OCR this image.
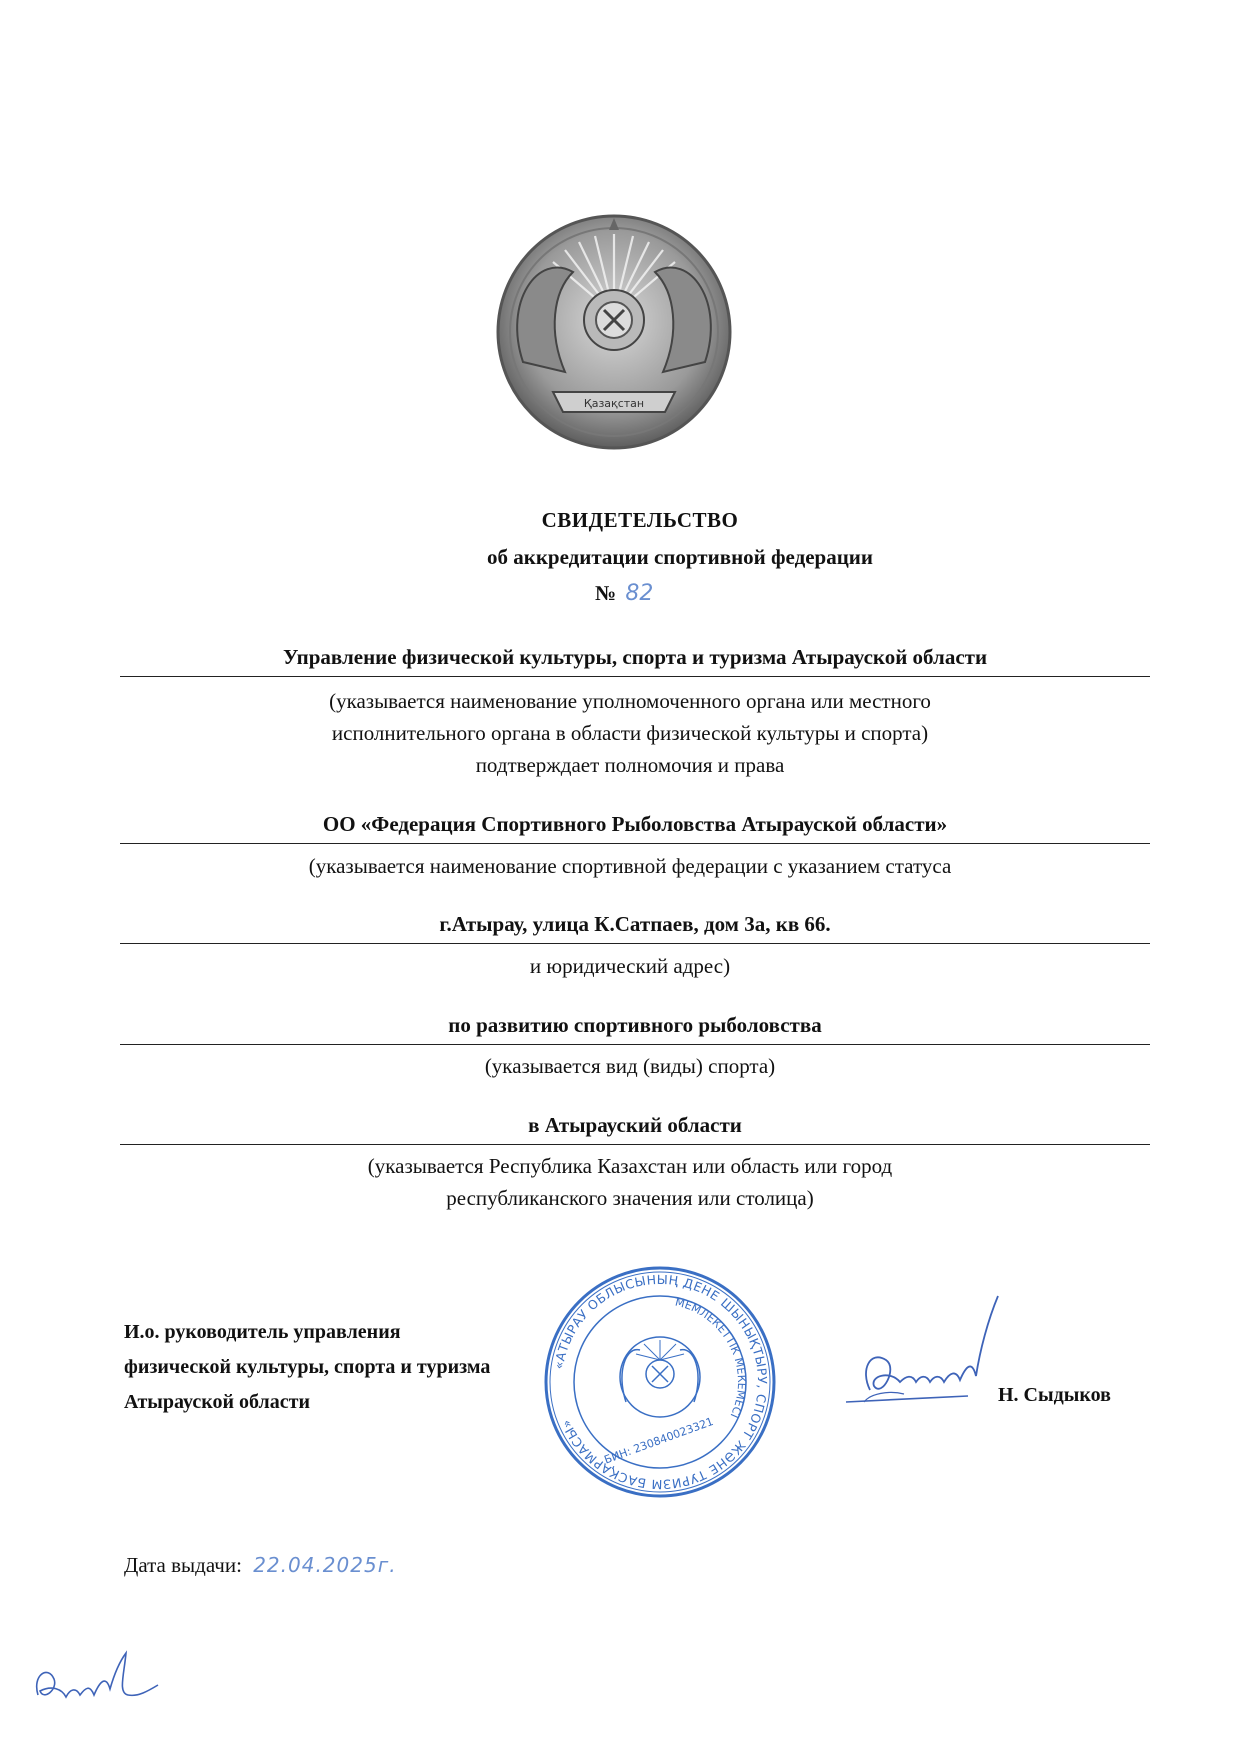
Қазақстан
СВИДЕТЕЛЬСТВО
об аккредитации спортивной федерации
№ 82
Управление физической культуры, спорта и туризма Атырауской области
(указывается наименование уполномоченного органа или местного
исполнительного органа в области физической культуры и спорта)
подтверждает полномочия и права
ОО «Федерация Спортивного Рыболовства Атырауской области»
(указывается наименование спортивной федерации с указанием статуса
г.Атырау, улица К.Сатпаев, дом 3а, кв 66.
и юридический адрес)
по развитию спортивного рыболовства
(указывается вид (виды) спорта)
в Атырауский области
(указывается Республика Казахстан или область или город
республиканского значения или столица)
И.о. руководитель управления
физической культуры, спорта и туризма
Атырауской области
«АТЫРАУ ОБЛЫСЫНЫҢ ДЕНЕ ШЫНЫҚТЫРУ, СПОРТ ЖӘНЕ ТУРИЗМ БАСҚАРМАСЫ»
МЕМЛЕКЕТТІК МЕКЕМЕСІ
БИН: 230840023321
Н. Сыдыков
Дата выдачи: 22.04.2025г.
